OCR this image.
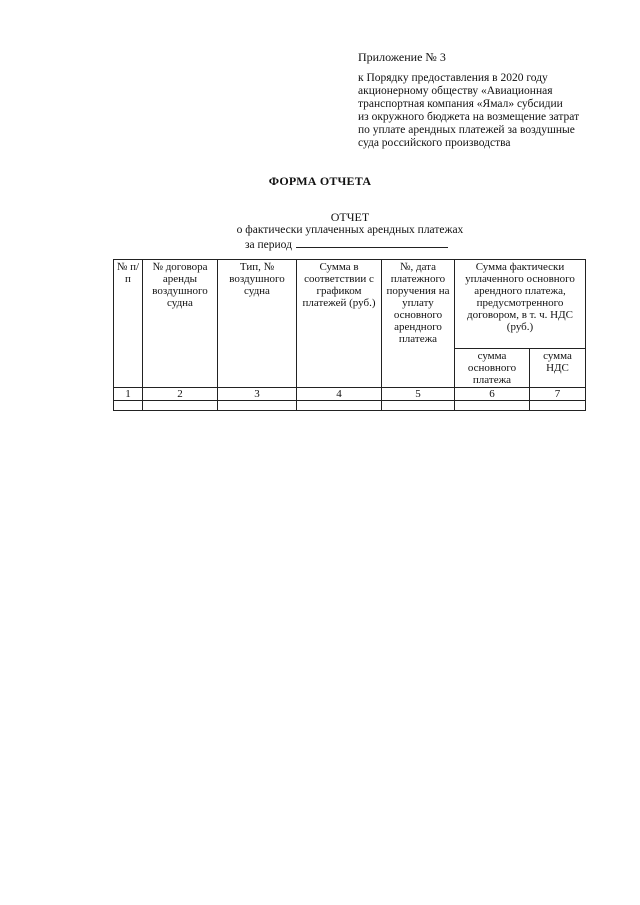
Приложение № 3
к Порядку предоставления в 2020 году
акционерному обществу «Авиационная
транспортная компания «Ямал» субсидии
из окружного бюджета на возмещение затрат
по уплате арендных платежей за воздушные
суда российского производства
ФОРМА ОТЧЕТА
ОТЧЕТ
о фактически уплаченных арендных платежах
за период
№ п/п	№ договора аренды воздушного судна	Тип, № воздушного судна	Сумма в соответствии с графиком платежей (руб.)	№, дата платежного поручения на уплату основного арендного платежа	Сумма фактически уплаченного основного арендного платежа, предусмотренного договором, в т. ч. НДС (руб.)	
					сумма основного платежа	сумма НДС
1	2	3	4	5	6	7
